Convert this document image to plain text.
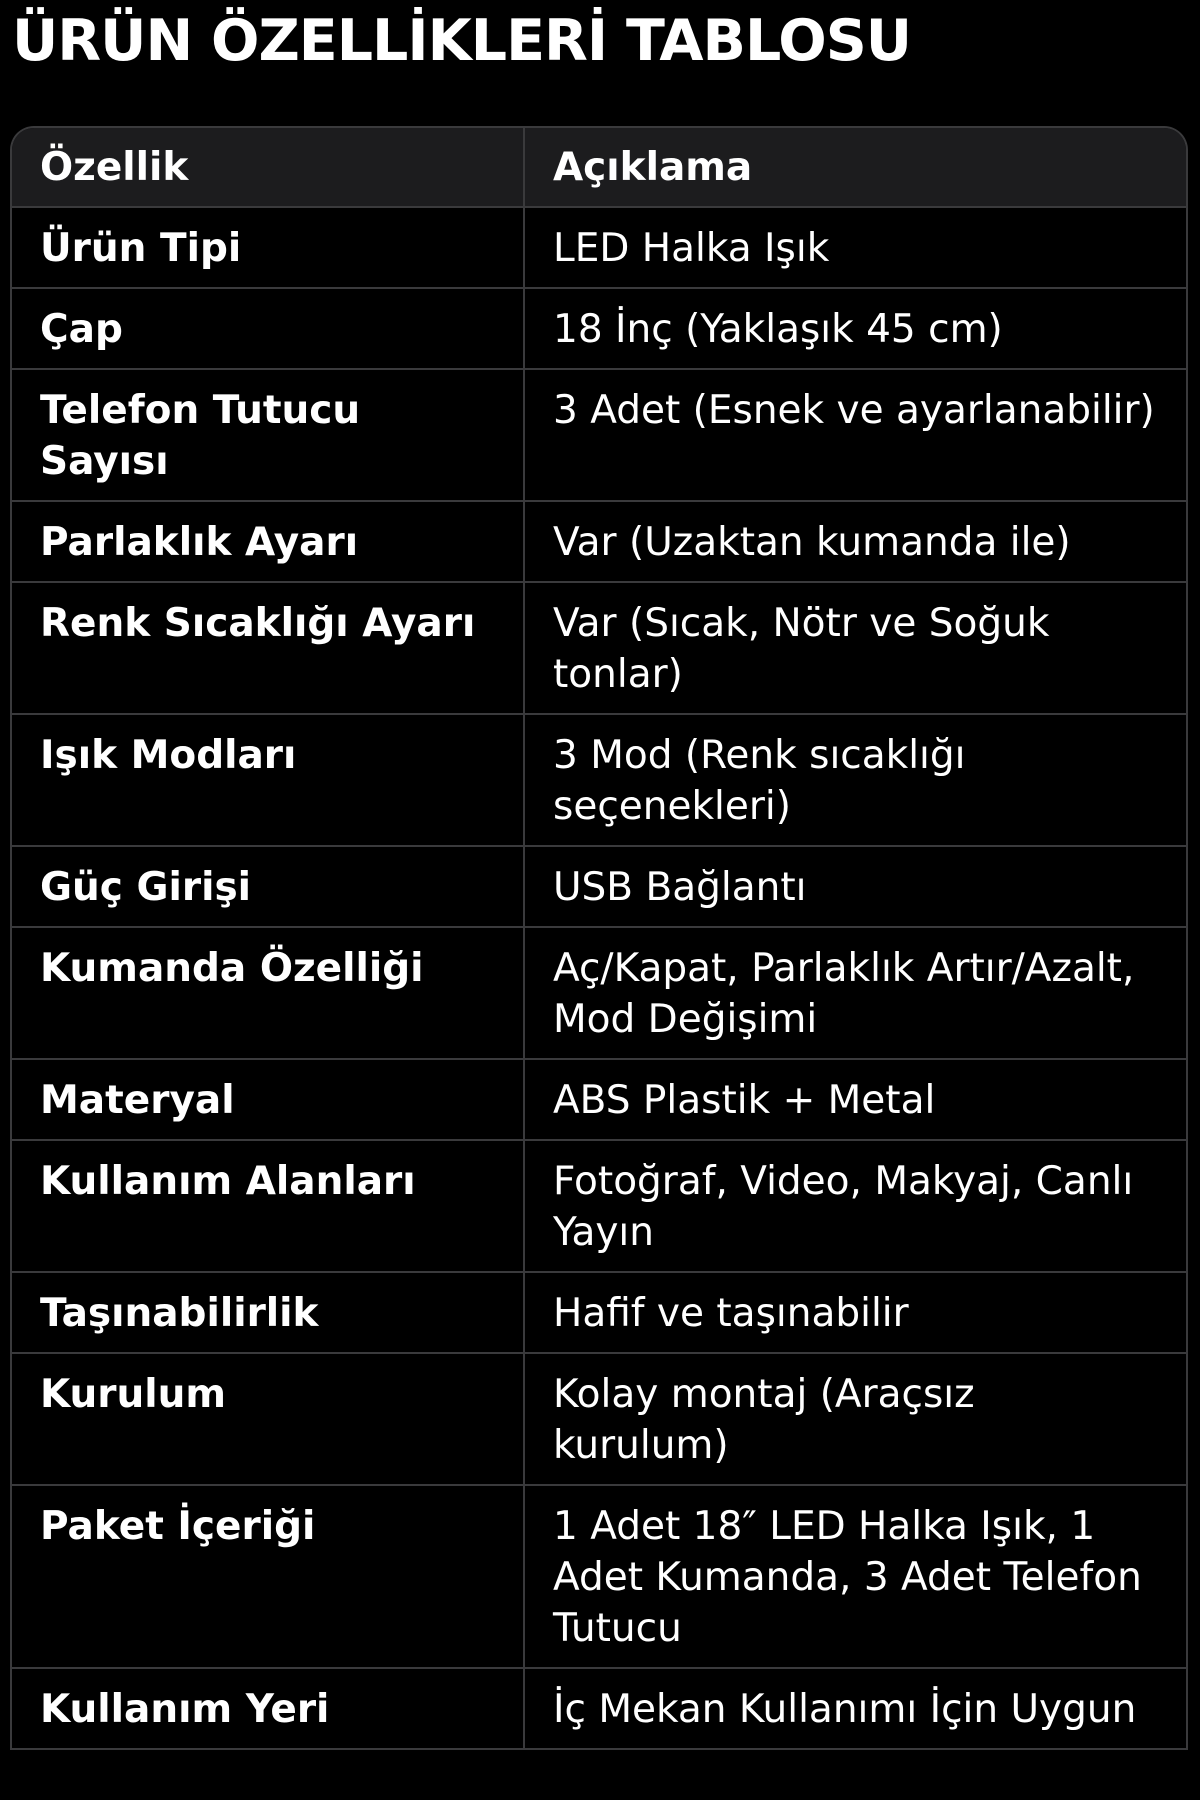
ÜRÜN ÖZELLİKLERİ TABLOSU
Özellik	Açıklama
Ürün Tipi	LED Halka Işık
Çap	18 İnç (Yaklaşık 45 cm)
Telefon Tutucu Sayısı	3 Adet (Esnek ve ayarlanabilir)
Parlaklık Ayarı	Var (Uzaktan kumanda ile)
Renk Sıcaklığı Ayarı	Var (Sıcak, Nötr ve Soğuk tonlar)
Işık Modları	3 Mod (Renk sıcaklığı seçenekleri)
Güç Girişi	USB Bağlantı
Kumanda Özelliği	Aç/Kapat, Parlaklık Artır/Azalt, Mod Değişimi
Materyal	ABS Plastik + Metal
Kullanım Alanları	Fotoğraf, Video, Makyaj, Canlı Yayın
Taşınabilirlik	Hafif ve taşınabilir
Kurulum	Kolay montaj (Araçsız kurulum)
Paket İçeriği	1 Adet 18″ LED Halka Işık, 1 Adet Kumanda, 3 Adet Telefon Tutucu
Kullanım Yeri	İç Mekan Kullanımı İçin Uygun
